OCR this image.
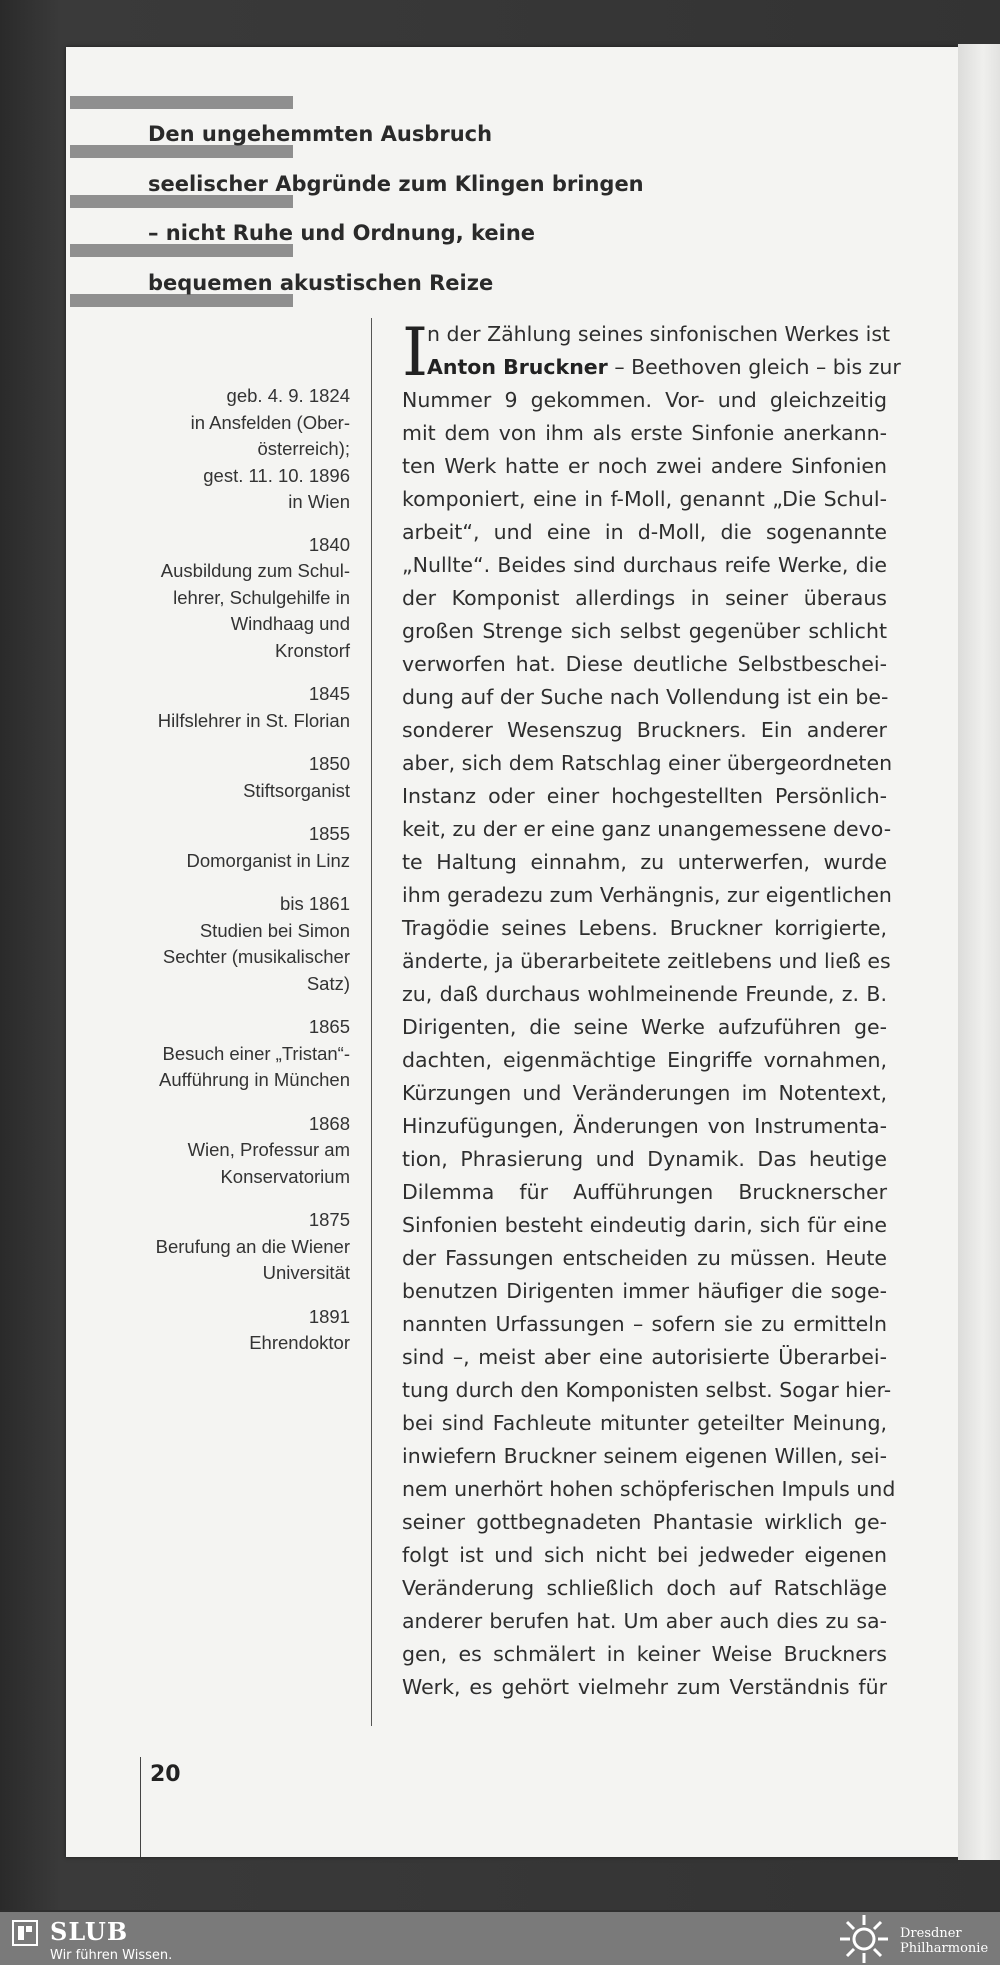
Den ungehemmten Ausbruch
seelischer Abgründe zum Klingen bringen
– nicht Ruhe und Ordnung, keine
bequemen akustischen Reize
geb. 4. 9. 1824
in Ansfelden (Ober-
österreich);
gest. 11. 10. 1896
in Wien
1840
Ausbildung zum Schul-
lehrer, Schulgehilfe in
Windhaag und
Kronstorf
1845
Hilfslehrer in St. Florian
1850
Stiftsorganist
1855
Domorganist in Linz
bis 1861
Studien bei Simon
Sechter (musikalischer
Satz)
1865
Besuch einer „Tristan“-
Aufführung in München
1868
Wien, Professur am
Konservatorium
1875
Berufung an die Wiener
Universität
1891
Ehrendoktor
I
n der Zählung seines sinfonischen Werkes ist
Anton Bruckner – Beethoven gleich – bis zur
Nummer 9 gekommen. Vor- und gleichzeitig
mit dem von ihm als erste Sinfonie anerkann-
ten Werk hatte er noch zwei andere Sinfonien
komponiert, eine in f-Moll, genannt „Die Schul-
arbeit“, und eine in d-Moll, die sogenannte
„Nullte“. Beides sind durchaus reife Werke, die
der Komponist allerdings in seiner überaus
großen Strenge sich selbst gegenüber schlicht
verworfen hat. Diese deutliche Selbstbeschei-
dung auf der Suche nach Vollendung ist ein be-
sonderer Wesenszug Bruckners. Ein anderer
aber, sich dem Ratschlag einer übergeordneten
Instanz oder einer hochgestellten Persönlich-
keit, zu der er eine ganz unangemessene devo-
te Haltung einnahm, zu unterwerfen, wurde
ihm geradezu zum Verhängnis, zur eigentlichen
Tragödie seines Lebens. Bruckner korrigierte,
änderte, ja überarbeitete zeitlebens und ließ es
zu, daß durchaus wohlmeinende Freunde, z. B.
Dirigenten, die seine Werke aufzuführen ge-
dachten, eigenmächtige Eingriffe vornahmen,
Kürzungen und Veränderungen im Notentext,
Hinzufügungen, Änderungen von Instrumenta-
tion, Phrasierung und Dynamik. Das heutige
Dilemma für Aufführungen Brucknerscher
Sinfonien besteht eindeutig darin, sich für eine
der Fassungen entscheiden zu müssen. Heute
benutzen Dirigenten immer häufiger die soge-
nannten Urfassungen – sofern sie zu ermitteln
sind –, meist aber eine autorisierte Überarbei-
tung durch den Komponisten selbst. Sogar hier-
bei sind Fachleute mitunter geteilter Meinung,
inwiefern Bruckner seinem eigenen Willen, sei-
nem unerhört hohen schöpferischen Impuls und
seiner gottbegnadeten Phantasie wirklich ge-
folgt ist und sich nicht bei jedweder eigenen
Veränderung schließlich doch auf Ratschläge
anderer berufen hat. Um aber auch dies zu sa-
gen, es schmälert in keiner Weise Bruckners
Werk, es gehört vielmehr zum Verständnis für
20
SLUB
Wir führen Wissen.
Dresdner
Philharmonie
